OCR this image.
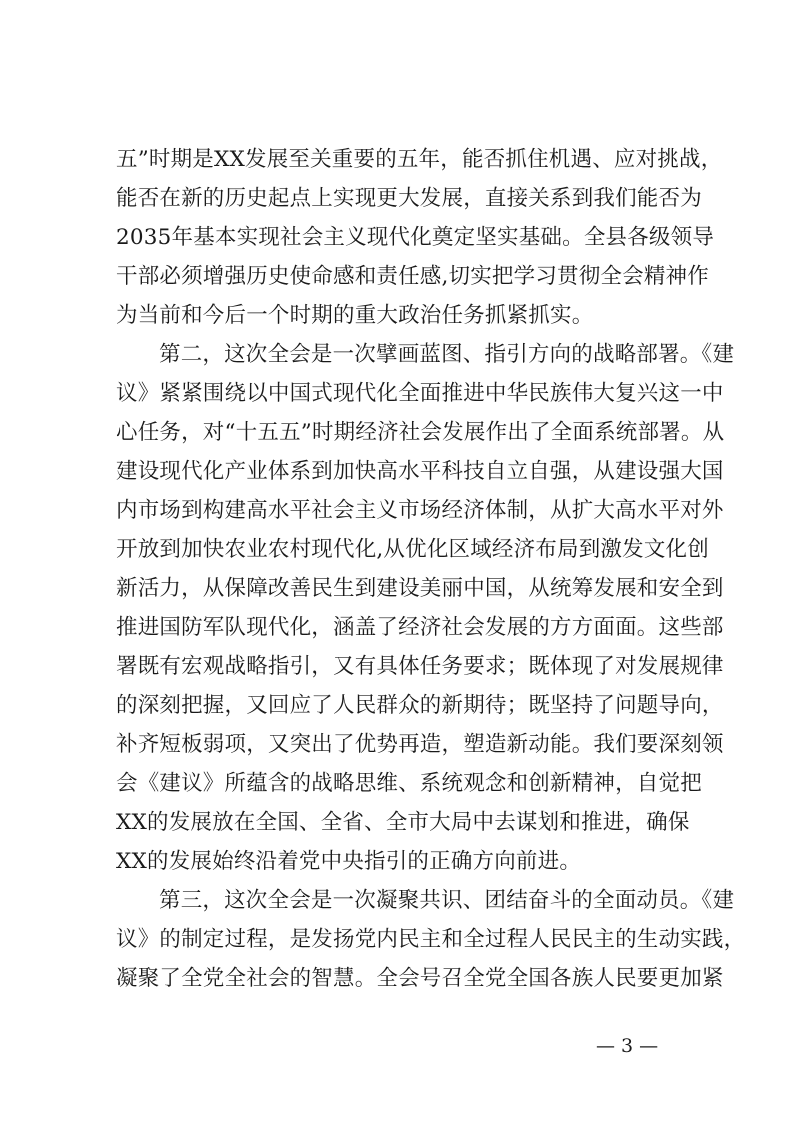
五”时期是XX发展至关重要的五年，能否抓住机遇、应对挑战，
能否在新的历史起点上实现更大发展，直接关系到我们能否为
2035年基本实现社会主义现代化奠定坚实基础。全县各级领导
干部必须增强历史使命感和责任感,切实把学习贯彻全会精神作
为当前和今后一个时期的重大政治任务抓紧抓实。
第二，这次全会是一次擘画蓝图、指引方向的战略部署。《建
议》紧紧围绕以中国式现代化全面推进中华民族伟大复兴这一中
心任务，对“十五五”时期经济社会发展作出了全面系统部署。从
建设现代化产业体系到加快高水平科技自立自强，从建设强大国
内市场到构建高水平社会主义市场经济体制，从扩大高水平对外
开放到加快农业农村现代化,从优化区域经济布局到激发文化创
新活力，从保障改善民生到建设美丽中国，从统筹发展和安全到
推进国防军队现代化，涵盖了经济社会发展的方方面面。这些部
署既有宏观战略指引，又有具体任务要求；既体现了对发展规律
的深刻把握，又回应了人民群众的新期待；既坚持了问题导向，
补齐短板弱项，又突出了优势再造，塑造新动能。我们要深刻领
会《建议》所蕴含的战略思维、系统观念和创新精神，自觉把
XX的发展放在全国、全省、全市大局中去谋划和推进，确保
XX的发展始终沿着党中央指引的正确方向前进。
第三，这次全会是一次凝聚共识、团结奋斗的全面动员。《建
议》的制定过程，是发扬党内民主和全过程人民民主的生动实践，
凝聚了全党全社会的智慧。全会号召全党全国各族人民要更加紧
— 3 —
